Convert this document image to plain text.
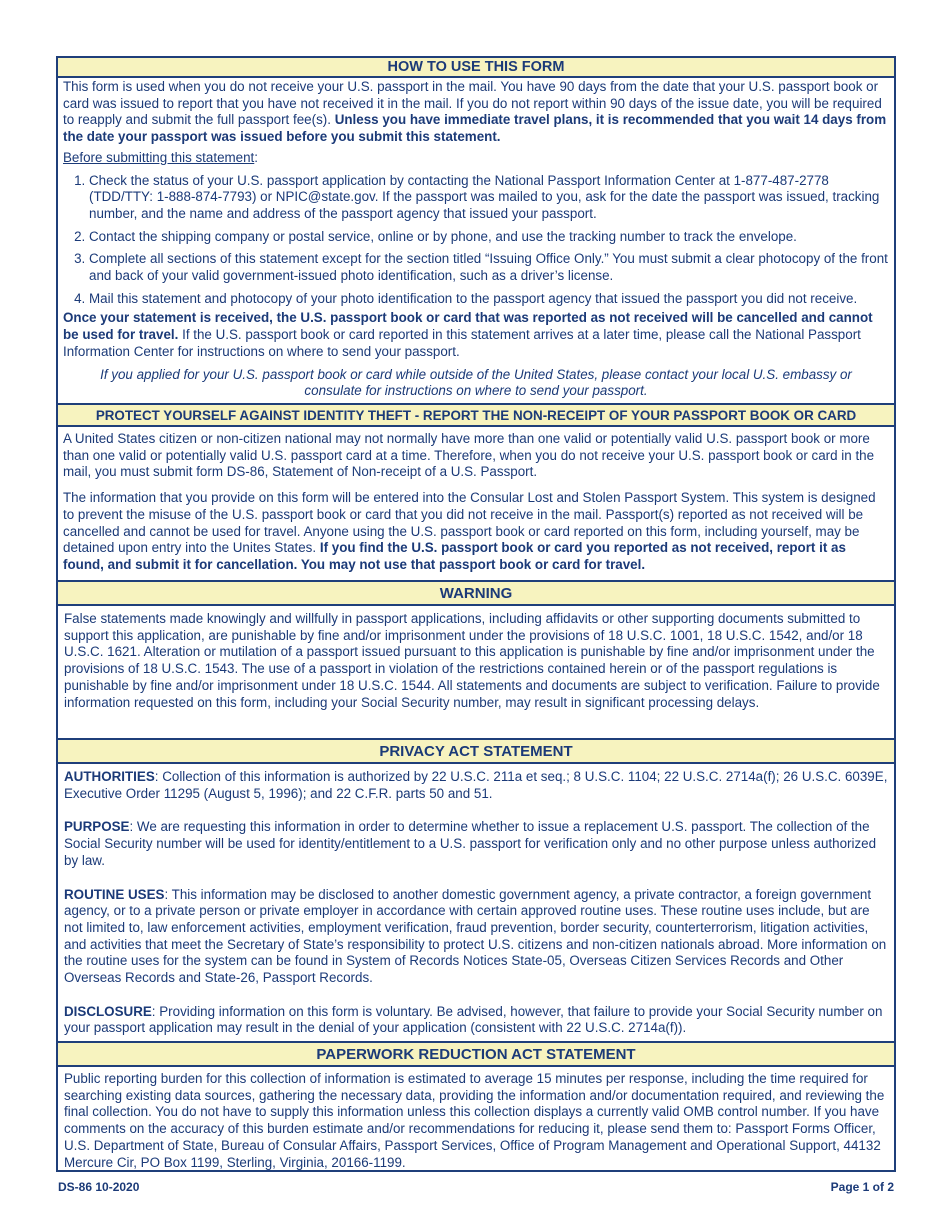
HOW TO USE THIS FORM

This form is used when you do not receive your U.S. passport in the mail. You have 90 days from the date that your U.S. passport book or card was issued to report that you have not received it in the mail. If you do not report within 90 days of the issue date, you will be required to reapply and submit the full passport fee(s). Unless you have immediate travel plans, it is recommended that you wait 14 days from the date your passport was issued before you submit this statement.

Before submitting this statement:

1. Check the status of your U.S. passport application by contacting the National Passport Information Center at 1-877-487-2778 (TDD/TTY: 1-888-874-7793) or NPIC@state.gov. If the passport was mailed to you, ask for the date the passport was issued, tracking number, and the name and address of the passport agency that issued your passport.
2. Contact the shipping company or postal service, online or by phone, and use the tracking number to track the envelope.
3. Complete all sections of this statement except for the section titled “Issuing Office Only.” You must submit a clear photocopy of the front and back of your valid government-issued photo identification, such as a driver’s license.
4. Mail this statement and photocopy of your photo identification to the passport agency that issued the passport you did not receive.

Once your statement is received, the U.S. passport book or card that was reported as not received will be cancelled and cannot be used for travel. If the U.S. passport book or card reported in this statement arrives at a later time, please call the National Passport Information Center for instructions on where to send your passport.

If you applied for your U.S. passport book or card while outside of the United States, please contact your local U.S. embassy or consulate for instructions on where to send your passport.

PROTECT YOURSELF AGAINST IDENTITY THEFT - REPORT THE NON-RECEIPT OF YOUR PASSPORT BOOK OR CARD

A United States citizen or non-citizen national may not normally have more than one valid or potentially valid U.S. passport book or more than one valid or potentially valid U.S. passport card at a time. Therefore, when you do not receive your U.S. passport book or card in the mail, you must submit form DS-86, Statement of Non-receipt of a U.S. Passport.

The information that you provide on this form will be entered into the Consular Lost and Stolen Passport System. This system is designed to prevent the misuse of the U.S. passport book or card that you did not receive in the mail. Passport(s) reported as not received will be cancelled and cannot be used for travel. Anyone using the U.S. passport book or card reported on this form, including yourself, may be detained upon entry into the Unites States. If you find the U.S. passport book or card you reported as not received, report it as found, and submit it for cancellation. You may not use that passport book or card for travel.

WARNING

False statements made knowingly and willfully in passport applications, including affidavits or other supporting documents submitted to support this application, are punishable by fine and/or imprisonment under the provisions of 18 U.S.C. 1001, 18 U.S.C. 1542, and/or 18 U.S.C. 1621. Alteration or mutilation of a passport issued pursuant to this application is punishable by fine and/or imprisonment under the provisions of 18 U.S.C. 1543. The use of a passport in violation of the restrictions contained herein or of the passport regulations is punishable by fine and/or imprisonment under 18 U.S.C. 1544. All statements and documents are subject to verification. Failure to provide information requested on this form, including your Social Security number, may result in significant processing delays.

PRIVACY ACT STATEMENT

AUTHORITIES: Collection of this information is authorized by 22 U.S.C. 211a et seq.; 8 U.S.C. 1104; 22 U.S.C. 2714a(f); 26 U.S.C. 6039E, Executive Order 11295 (August 5, 1996); and 22 C.F.R. parts 50 and 51.

PURPOSE: We are requesting this information in order to determine whether to issue a replacement U.S. passport. The collection of the Social Security number will be used for identity/entitlement to a U.S. passport for verification only and no other purpose unless authorized by law.

ROUTINE USES: This information may be disclosed to another domestic government agency, a private contractor, a foreign government agency, or to a private person or private employer in accordance with certain approved routine uses. These routine uses include, but are not limited to, law enforcement activities, employment verification, fraud prevention, border security, counterterrorism, litigation activities, and activities that meet the Secretary of State’s responsibility to protect U.S. citizens and non-citizen nationals abroad. More information on the routine uses for the system can be found in System of Records Notices State-05, Overseas Citizen Services Records and Other Overseas Records and State-26, Passport Records.

DISCLOSURE: Providing information on this form is voluntary. Be advised, however, that failure to provide your Social Security number on your passport application may result in the denial of your application (consistent with 22 U.S.C. 2714a(f)).

PAPERWORK REDUCTION ACT STATEMENT

Public reporting burden for this collection of information is estimated to average 15 minutes per response, including the time required for searching existing data sources, gathering the necessary data, providing the information and/or documentation required, and reviewing the final collection. You do not have to supply this information unless this collection displays a currently valid OMB control number. If you have comments on the accuracy of this burden estimate and/or recommendations for reducing it, please send them to: Passport Forms Officer, U.S. Department of State, Bureau of Consular Affairs, Passport Services, Office of Program Management and Operational Support, 44132 Mercure Cir, PO Box 1199, Sterling, Virginia, 20166-1199.

DS-86 10-2020	Page 1 of 2
